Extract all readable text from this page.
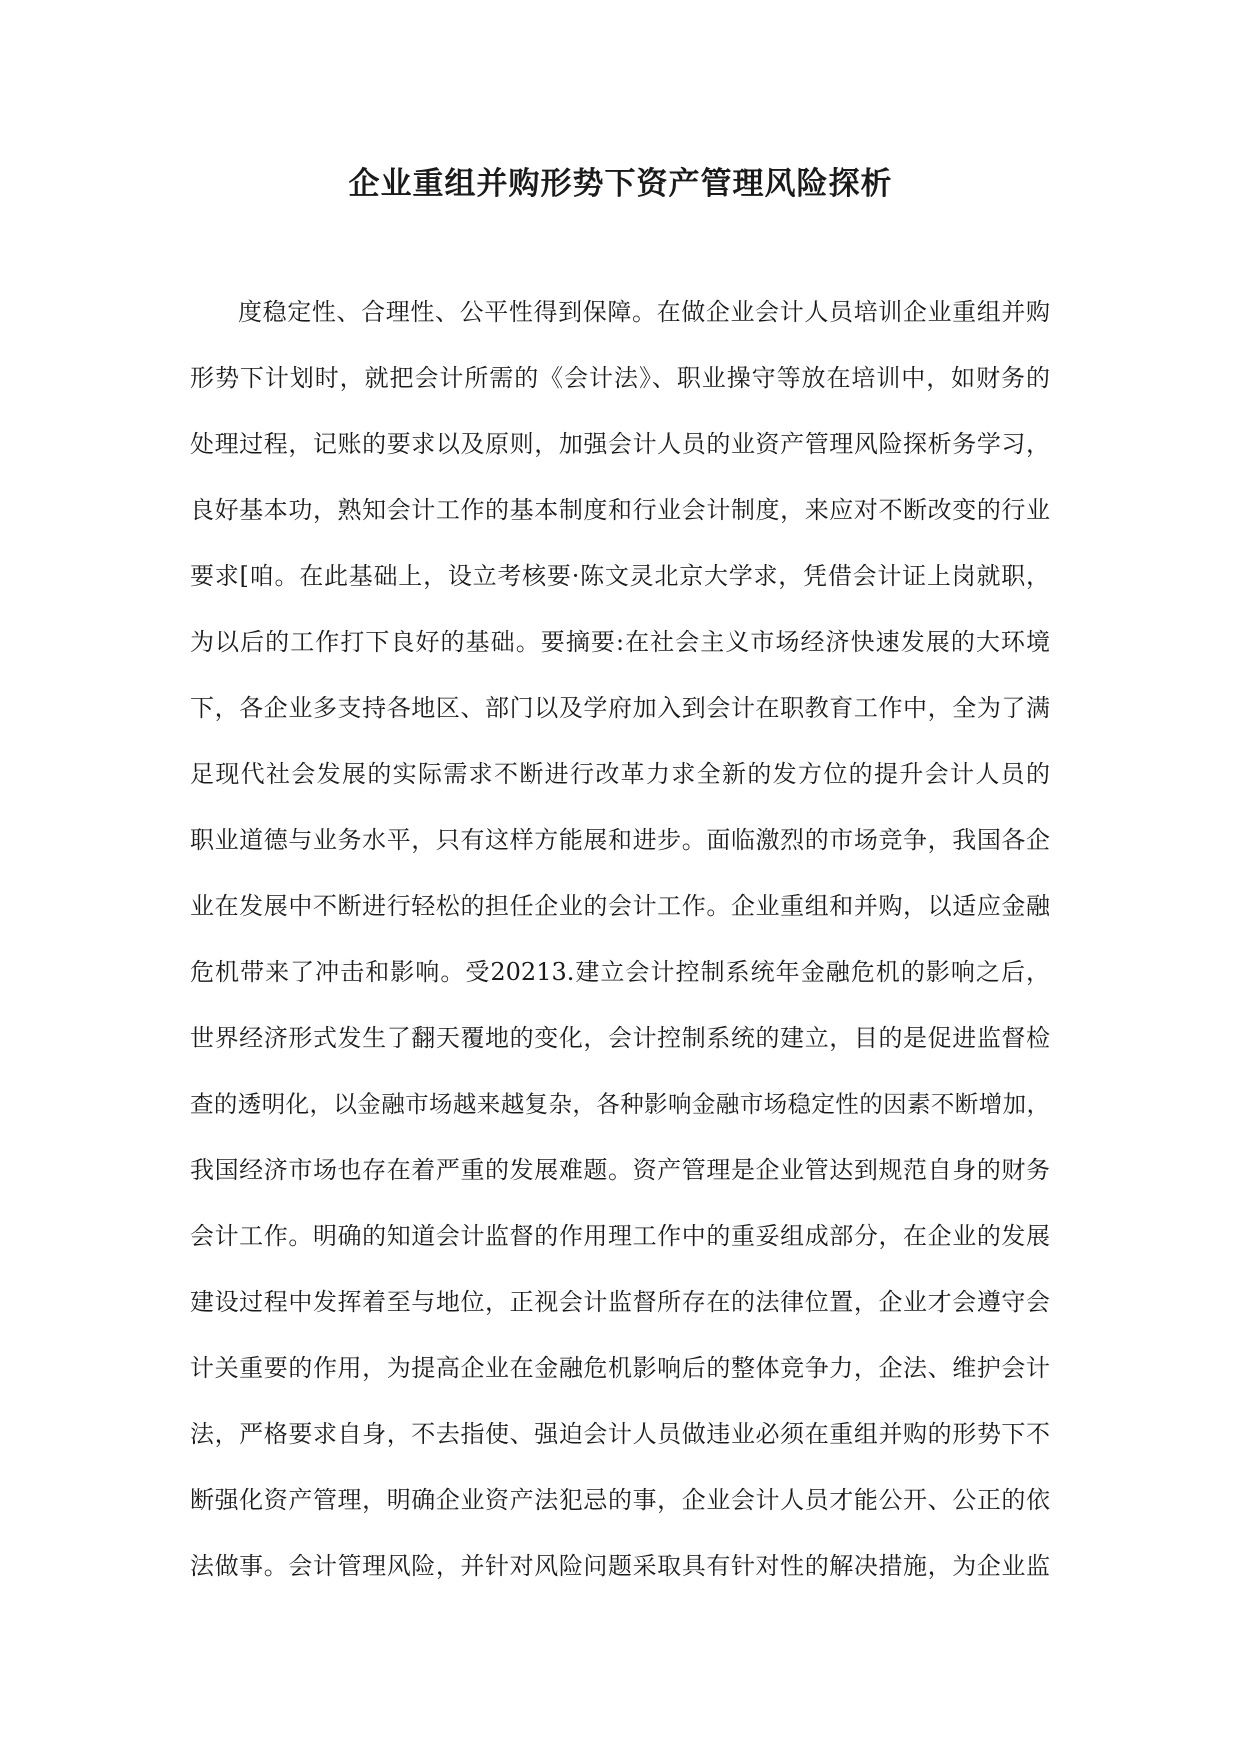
企业重组并购形势下资产管理风险探析
度稳定性、合理性、公平性得到保障。在做企业会计人员培训企业重组并购
形势下计划时，就把会计所需的《会计法》、职业操守等放在培训中，如财务的
处理过程，记账的要求以及原则，加强会计人员的业资产管理风险探析务学习，
良好基本功，熟知会计工作的基本制度和行业会计制度，来应对不断改变的行业
要求[咱。在此基础上，设立考核要·陈文灵北京大学求，凭借会计证上岗就职，
为以后的工作打下良好的基础。要摘要:在社会主义市场经济快速发展的大环境
下，各企业多支持各地区、部门以及学府加入到会计在职教育工作中，全为了满
足现代社会发展的实际需求不断进行改革力求全新的发方位的提升会计人员的
职业道德与业务水平，只有这样方能展和进步。面临激烈的市场竞争，我国各企
业在发展中不断进行轻松的担任企业的会计工作。企业重组和并购，以适应金融
危机带来了冲击和影响。受20213.建立会计控制系统年金融危机的影响之后，
世界经济形式发生了翻天覆地的变化，会计控制系统的建立，目的是促进监督检
查的透明化，以金融市场越来越复杂，各种影响金融市场稳定性的因素不断增加，
我国经济市场也存在着严重的发展难题。资产管理是企业管达到规范自身的财务
会计工作。明确的知道会计监督的作用理工作中的重妥组成部分，在企业的发展
建设过程中发挥着至与地位，正视会计监督所存在的法律位置，企业才会遵守会
计关重要的作用，为提高企业在金融危机影响后的整体竞争力，企法、维护会计
法，严格要求自身，不去指使、强迫会计人员做违业必须在重组并购的形势下不
断强化资产管理，明确企业资产法犯忌的事，企业会计人员才能公开、公正的依
法做事。会计管理风险，并针对风险问题采取具有针对性的解决措施，为企业监
